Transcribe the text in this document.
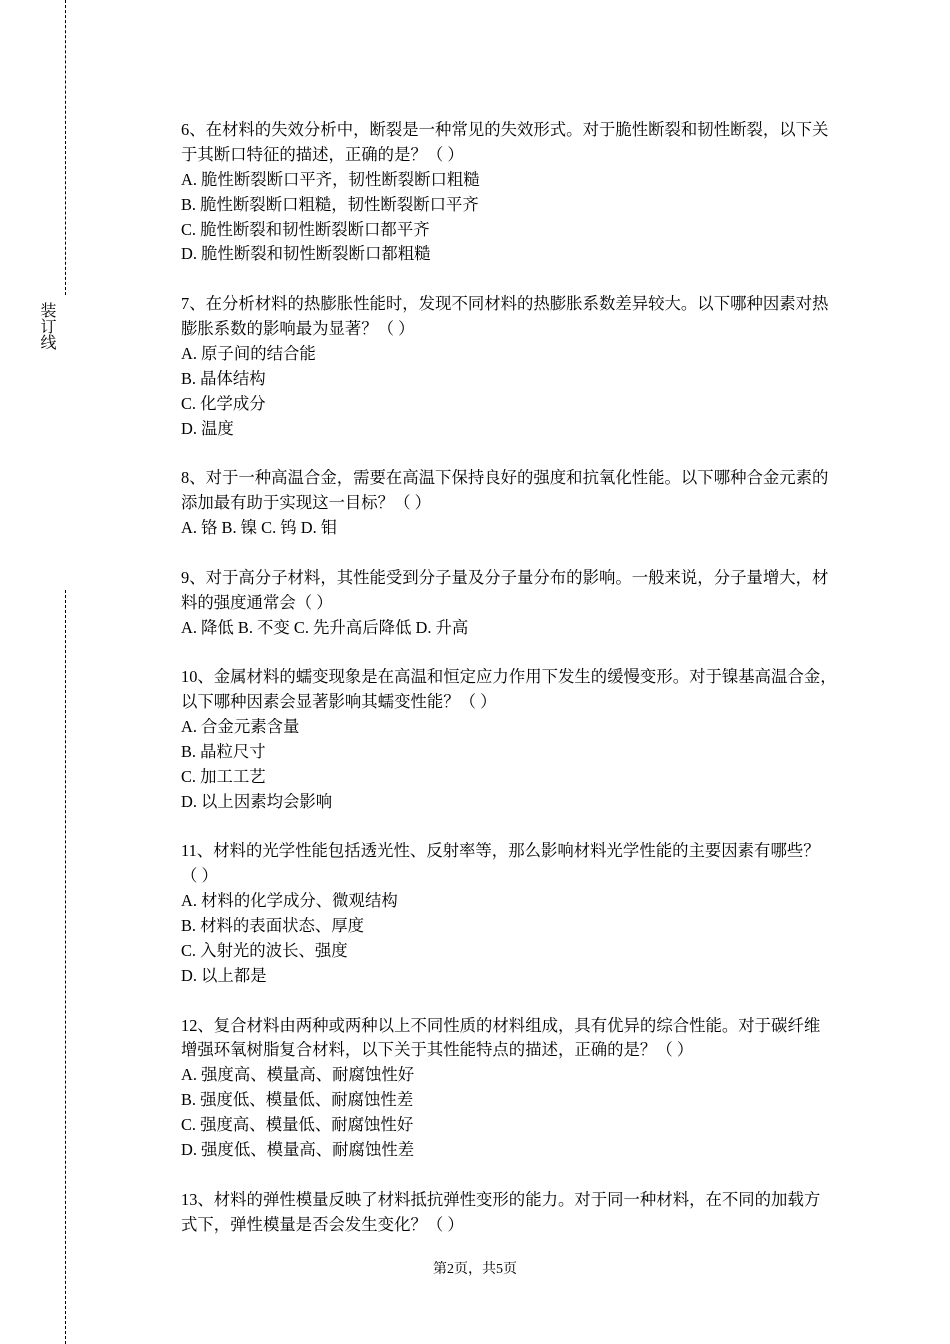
装订线
6、在材料的失效分析中，断裂是一种常见的失效形式。对于脆性断裂和韧性断裂，以下关
于其断口特征的描述，正确的是？（ ）
A. 脆性断裂断口平齐，韧性断裂断口粗糙
B. 脆性断裂断口粗糙，韧性断裂断口平齐
C. 脆性断裂和韧性断裂断口都平齐
D. 脆性断裂和韧性断裂断口都粗糙
7、在分析材料的热膨胀性能时，发现不同材料的热膨胀系数差异较大。以下哪种因素对热
膨胀系数的影响最为显著？（ ）
A. 原子间的结合能
B. 晶体结构
C. 化学成分
D. 温度
8、对于一种高温合金，需要在高温下保持良好的强度和抗氧化性能。以下哪种合金元素的
添加最有助于实现这一目标？（ ）
A. 铬 B. 镍 C. 钨 D. 钼
9、对于高分子材料，其性能受到分子量及分子量分布的影响。一般来说，分子量增大，材
料的强度通常会（ ）
A. 降低 B. 不变 C. 先升高后降低 D. 升高
10、金属材料的蠕变现象是在高温和恒定应力作用下发生的缓慢变形。对于镍基高温合金，
以下哪种因素会显著影响其蠕变性能？（ ）
A. 合金元素含量
B. 晶粒尺寸
C. 加工工艺
D. 以上因素均会影响
11、材料的光学性能包括透光性、反射率等，那么影响材料光学性能的主要因素有哪些？
（ ）
A. 材料的化学成分、微观结构
B. 材料的表面状态、厚度
C. 入射光的波长、强度
D. 以上都是
12、复合材料由两种或两种以上不同性质的材料组成，具有优异的综合性能。对于碳纤维
增强环氧树脂复合材料，以下关于其性能特点的描述，正确的是？（ ）
A. 强度高、模量高、耐腐蚀性好
B. 强度低、模量低、耐腐蚀性差
C. 强度高、模量低、耐腐蚀性好
D. 强度低、模量高、耐腐蚀性差
13、材料的弹性模量反映了材料抵抗弹性变形的能力。对于同一种材料，在不同的加载方
式下，弹性模量是否会发生变化？（ ）
第2页，共5页
